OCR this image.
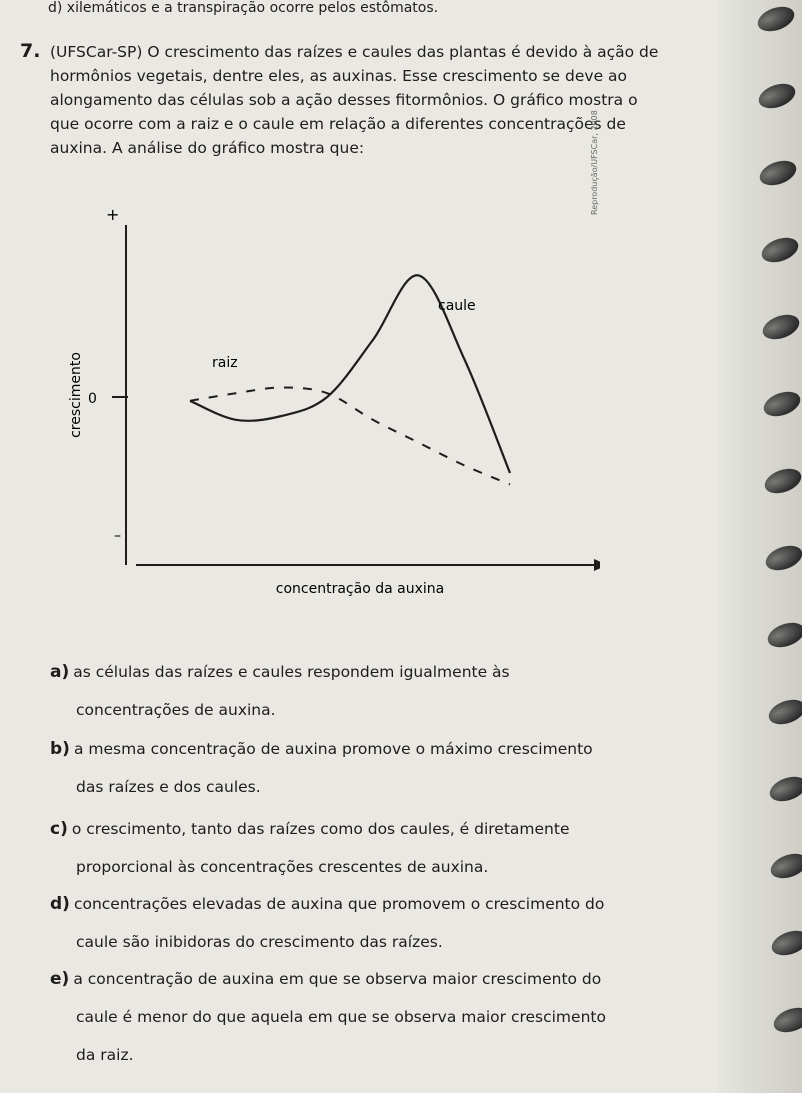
d) xilemáticos e a transpiração ocorre pelos estômatos.
7. (UFSCar-SP) O crescimento das raízes e caules das plantas é devido à ação de hormônios vegetais, dentre eles, as auxinas. Esse crescimento se deve ao alongamento das células sob a ação desses fitormônios. O gráfico mostra o que ocorre com a raiz e o caule em relação a diferentes concentrações de auxina. A análise do gráfico mostra que:
+
0
–
crescimento
concentração da auxina
raiz
caule
Reprodução/UFSCar, 2008
a) as células das raízes e caules respondem igualmente às
concentrações de auxina.
b) a mesma concentração de auxina promove o máximo crescimento
das raízes e dos caules.
c) o crescimento, tanto das raízes como dos caules, é diretamente
proporcional às concentrações crescentes de auxina.
d) concentrações elevadas de auxina que promovem o crescimento do
caule são inibidoras do crescimento das raízes.
e) a concentração de auxina em que se observa maior crescimento do
caule é menor do que aquela em que se observa maior crescimento
da raiz.
